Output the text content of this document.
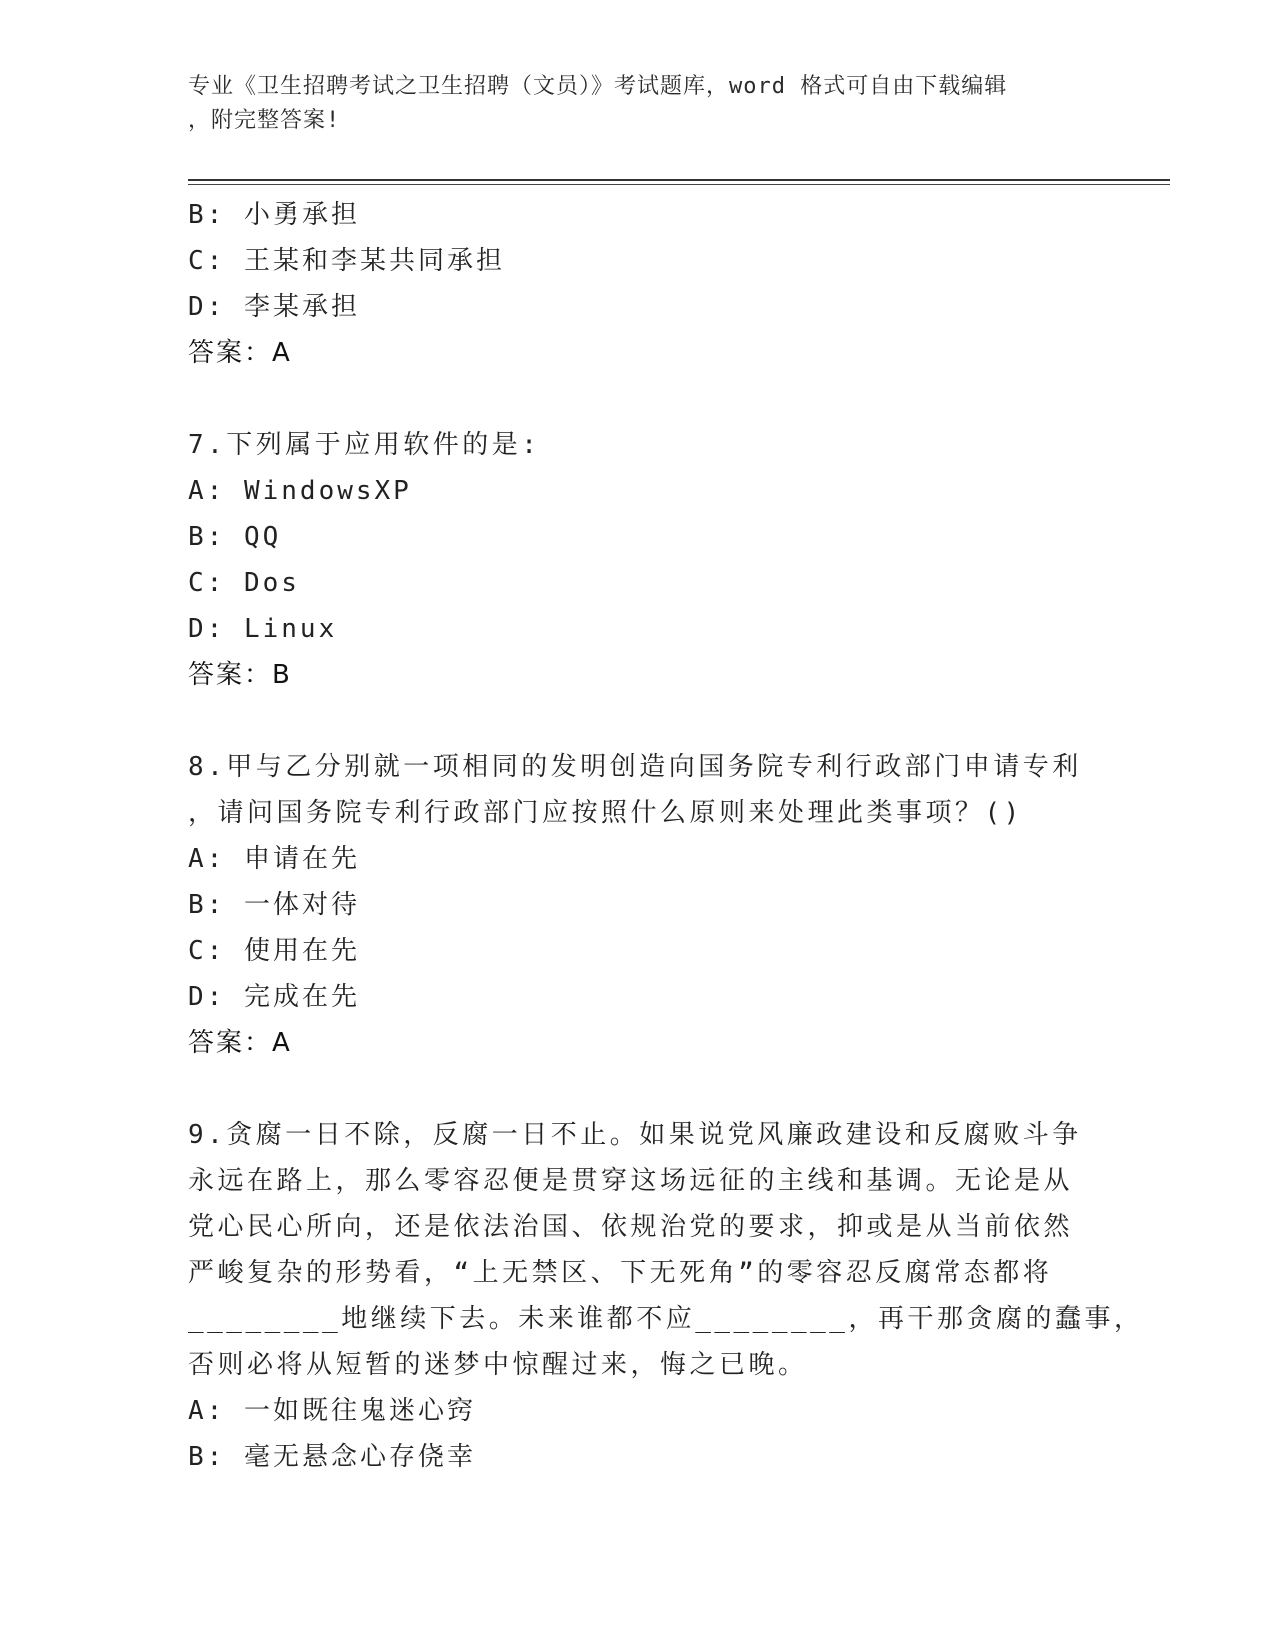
专业《卫生招聘考试之卫生招聘（文员）》考试题库，word 格式可自由下载编辑
，附完整答案!
B: 小勇承担
C: 王某和李某共同承担
D: 李某承担
答案：A
7.下列属于应用软件的是:
A: WindowsXP
B: QQ
C: Dos
D: Linux
答案：B
8.甲与乙分别就一项相同的发明创造向国务院专利行政部门申请专利
，请问国务院专利行政部门应按照什么原则来处理此类事项？()
A: 申请在先
B: 一体对待
C: 使用在先
D: 完成在先
答案：A
9.贪腐一日不除，反腐一日不止。如果说党风廉政建设和反腐败斗争
永远在路上，那么零容忍便是贯穿这场远征的主线和基调。无论是从
党心民心所向，还是依法治国、依规治党的要求，抑或是从当前依然
严峻复杂的形势看，“上无禁区、下无死角”的零容忍反腐常态都将
________地继续下去。未来谁都不应________，再干那贪腐的蠢事，
否则必将从短暂的迷梦中惊醒过来，悔之已晚。
A: 一如既往鬼迷心窍
B: 毫无悬念心存侥幸
